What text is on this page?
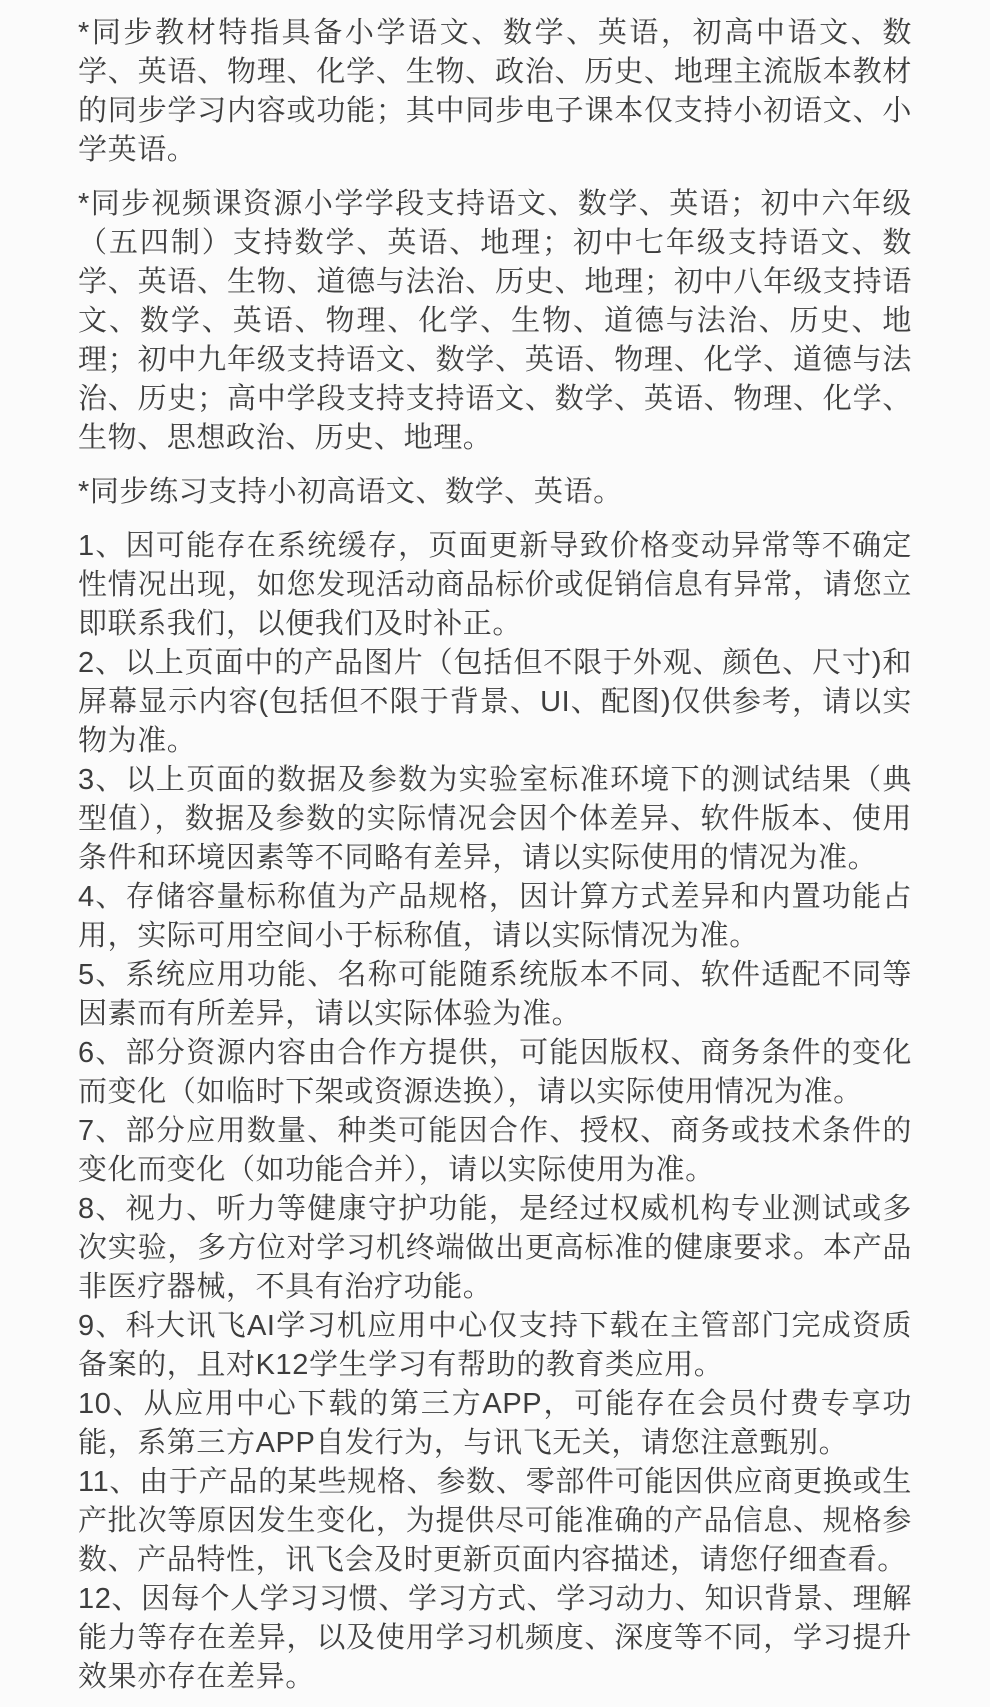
*同步教材特指具备小学语文、数学、英语，初高中语文、数学、英语、物理、化学、生物、政治、历史、地理主流版本教材的同步学习内容或功能；其中同步电子课本仅支持小初语文、小学英语。

*同步视频课资源小学学段支持语文、数学、英语；初中六年级（五四制）支持数学、英语、地理；初中七年级支持语文、数学、英语、生物、道德与法治、历史、地理；初中八年级支持语文、数学、英语、物理、化学、生物、道德与法治、历史、地理；初中九年级支持语文、数学、英语、物理、化学、道德与法治、历史；高中学段支持支持语文、数学、英语、物理、化学、生物、思想政治、历史、地理。

*同步练习支持小初高语文、数学、英语。

1、因可能存在系统缓存，页面更新导致价格变动异常等不确定性情况出现，如您发现活动商品标价或促销信息有异常，请您立即联系我们，以便我们及时补正。

2、以上页面中的产品图片（包括但不限于外观、颜色、尺寸)和屏幕显示内容(包括但不限于背景、UI、配图)仅供参考，请以实物为准。

3、以上页面的数据及参数为实验室标准环境下的测试结果（典型值），数据及参数的实际情况会因个体差异、软件版本、使用条件和环境因素等不同略有差异，请以实际使用的情况为准。

4、存储容量标称值为产品规格，因计算方式差异和内置功能占用，实际可用空间小于标称值，请以实际情况为准。

5、系统应用功能、名称可能随系统版本不同、软件适配不同等因素而有所差异，请以实际体验为准。

6、部分资源内容由合作方提供，可能因版权、商务条件的变化而变化（如临时下架或资源迭换），请以实际使用情况为准。

7、部分应用数量、种类可能因合作、授权、商务或技术条件的变化而变化（如功能合并），请以实际使用为准。

8、视力、听力等健康守护功能，是经过权威机构专业测试或多次实验，多方位对学习机终端做出更高标准的健康要求。本产品非医疗器械，不具有治疗功能。

9、科大讯飞AI学习机应用中心仅支持下载在主管部门完成资质备案的，且对K12学生学习有帮助的教育类应用。

10、从应用中心下载的第三方APP，可能存在会员付费专享功能，系第三方APP自发行为，与讯飞无关，请您注意甄别。

11、由于产品的某些规格、参数、零部件可能因供应商更换或生产批次等原因发生变化，为提供尽可能准确的产品信息、规格参数、产品特性，讯飞会及时更新页面内容描述，请您仔细查看。

12、因每个人学习习惯、学习方式、学习动力、知识背景、理解能力等存在差异，以及使用学习机频度、深度等不同，学习提升效果亦存在差异。
